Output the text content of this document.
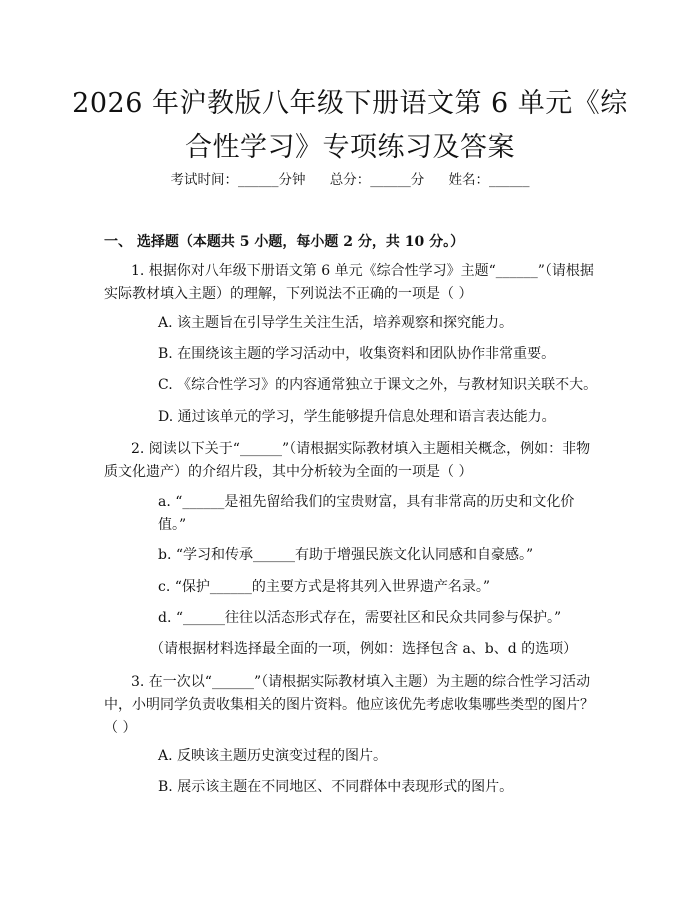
2026 年沪教版八年级下册语文第 6 单元《综合性学习》专项练习及答案
考试时间：______分钟 总分：______分 姓名：______
一、 选择题（本题共 5 小题，每小题 2 分，共 10 分。）
1. 根据你对八年级下册语文第 6 单元《综合性学习》主题“______”（请根据实际教材填入主题）的理解，下列说法不正确的一项是（ ）
A. 该主题旨在引导学生关注生活，培养观察和探究能力。
B. 在围绕该主题的学习活动中，收集资料和团队协作非常重要。
C. 《综合性学习》的内容通常独立于课文之外，与教材知识关联不大。
D. 通过该单元的学习，学生能够提升信息处理和语言表达能力。
2. 阅读以下关于“______”（请根据实际教材填入主题相关概念，例如：非物质文化遗产）的介绍片段，其中分析较为全面的一项是（ ）
a. “______是祖先留给我们的宝贵财富，具有非常高的历史和文化价值。”
b. “学习和传承______有助于增强民族文化认同感和自豪感。”
c. “保护______的主要方式是将其列入世界遗产名录。”
d. “______往往以活态形式存在，需要社区和民众共同参与保护。”
（请根据材料选择最全面的一项，例如：选择包含 a、b、d 的选项）
3. 在一次以“______”（请根据实际教材填入主题）为主题的综合性学习活动中，小明同学负责收集相关的图片资料。他应该优先考虑收集哪些类型的图片？（ ）
A. 反映该主题历史演变过程的图片。
B. 展示该主题在不同地区、不同群体中表现形式的图片。
